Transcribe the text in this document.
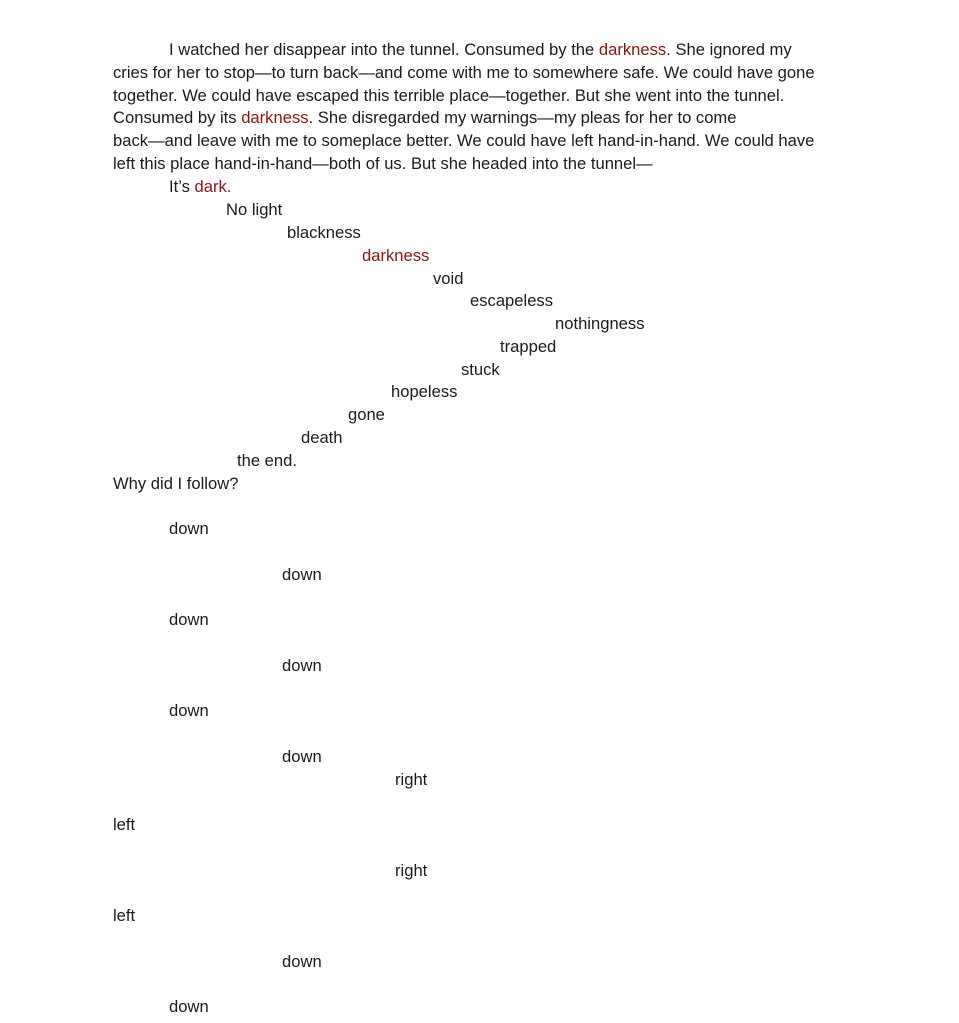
I watched her disappear into the tunnel. Consumed by the darkness. She ignored my
cries for her to stop—to turn back—and come with me to somewhere safe. We could have gone
together. We could have escaped this terrible place—together. But she went into the tunnel.
Consumed by its darkness. She disregarded my warnings—my pleas for her to come
back—and leave with me to someplace better. We could have left hand-in-hand. We could have
left this place hand-in-hand—both of us. But she headed into the tunnel—
It’s dark.
No light
blackness
darkness
void
escapeless
nothingness
trapped
stuck
hopeless
gone
death
the end.
Why did I follow?
down
down
down
down
down
down
right
left
right
left
down
down
